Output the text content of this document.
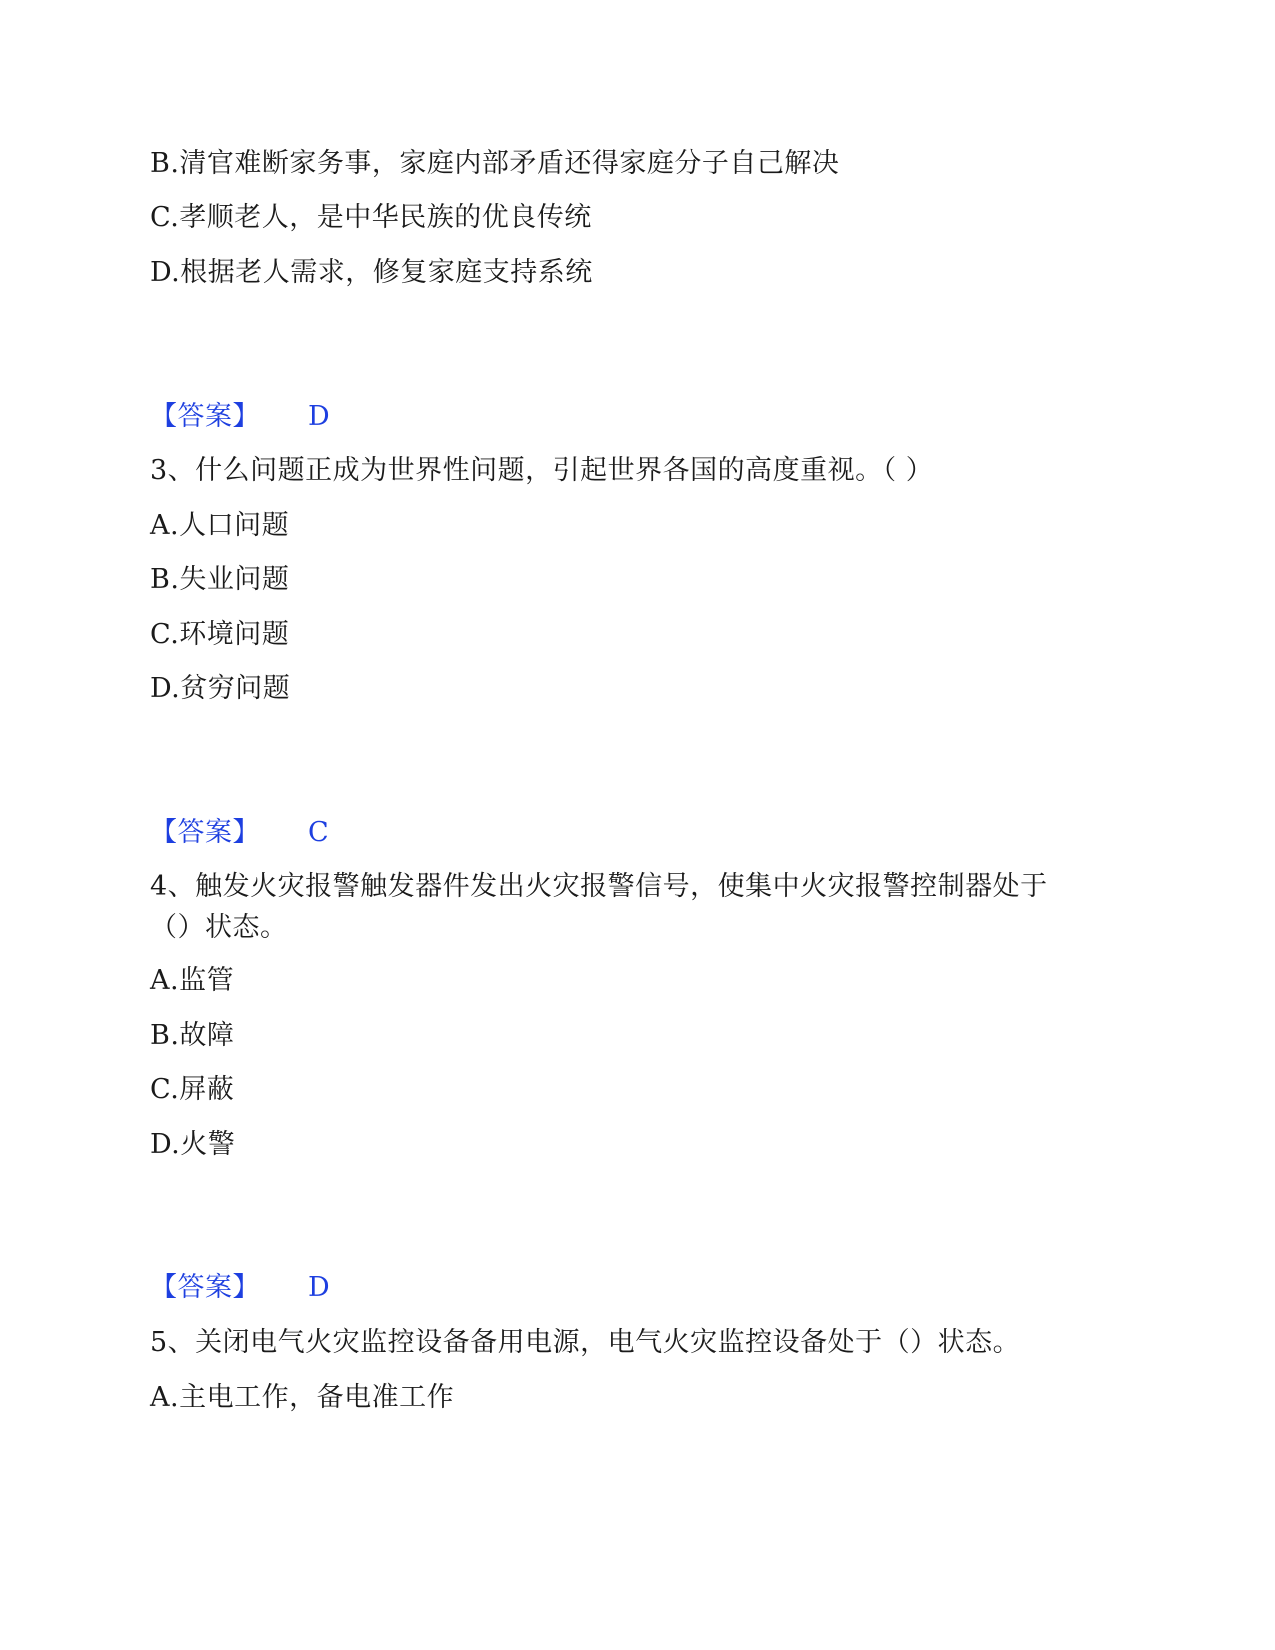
B.清官难断家务事，家庭内部矛盾还得家庭分子自己解决
C.孝顺老人，是中华民族的优良传统
D.根据老人需求，修复家庭支持系统
【答案】 D
3、什么问题正成为世界性问题，引起世界各国的高度重视。（ ）
A.人口问题
B.失业问题
C.环境问题
D.贫穷问题
【答案】 C
4、触发火灾报警触发器件发出火灾报警信号，使集中火灾报警控制器处于
（）状态。
A.监管
B.故障
C.屏蔽
D.火警
【答案】 D
5、关闭电气火灾监控设备备用电源，电气火灾监控设备处于（）状态。
A.主电工作，备电准工作
